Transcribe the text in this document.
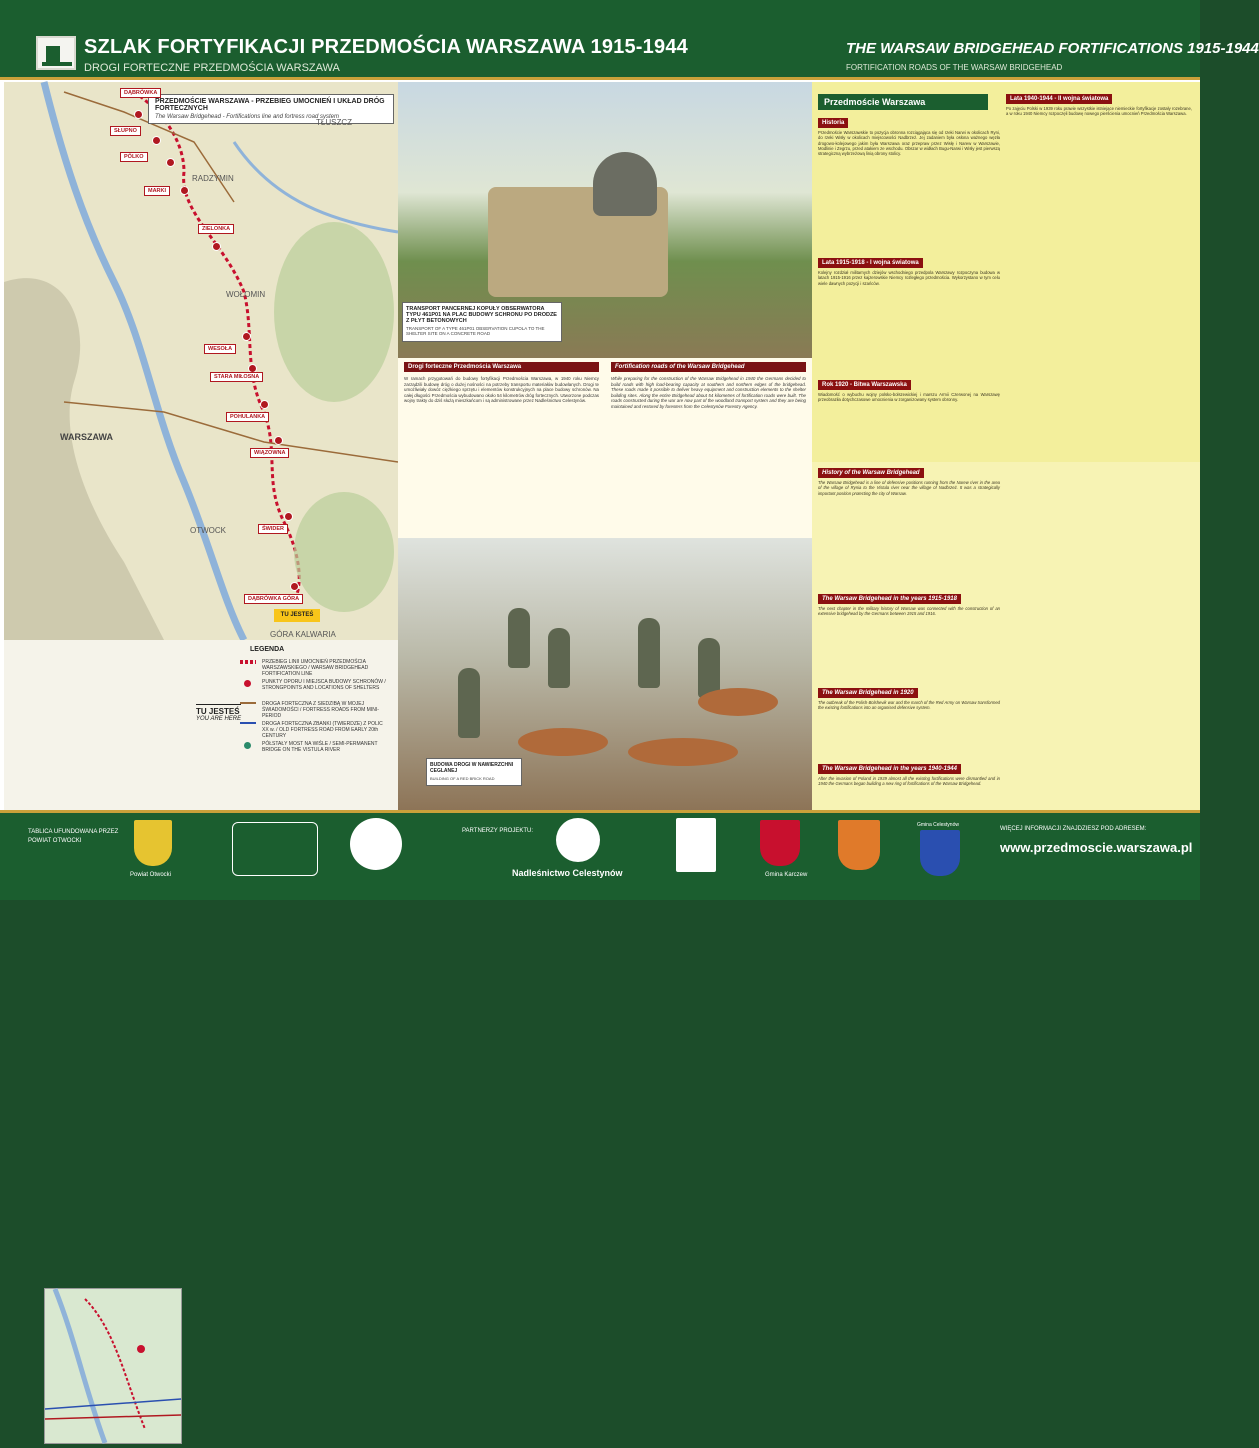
SZLAK FORTYFIKACJI PRZEDMOŚCIA WARSZAWA 1915-1944
DROGI FORTECZNE PRZEDMOŚCIA WARSZAWA
THE WARSAW BRIDGEHEAD FORTIFICATIONS 1915-1944
FORTIFICATION ROADS OF THE WARSAW BRIDGEHEAD
PRZEDMOŚCIE WARSZAWA - PRZEBIEG UMOCNIEŃ I UKŁAD DRÓG FORTECZNYCH
The Warsaw Bridgehead - Fortifications line and fortress road system
TŁUSZCZ
RADZYMIN
WOŁOMIN
WARSZAWA
OTWOCK
GÓRA KALWARIA
DĄBRÓWKA
SŁUPNO
PÓLKO
MARKI
ZIELONKA
WESOŁA
STARA MIŁOSNA
POHULANKA
WIĄZOWNA
ŚWIDER
DĄBRÓWKA GÓRA
TU JESTEŚ
TU JESTEŚ
YOU ARE HERE
LEGENDA
PRZEBIEG LINII UMOCNIEŃ PRZEDMOŚCIA WARSZAWSKIEGO / WARSAW BRIDGEHEAD FORTIFICATION LINE
PUNKTY OPORU I MIEJSCA BUDOWY SCHRONÓW / STRONGPOINTS AND LOCATIONS OF SHELTERS
DROGA FORTECZNA Z SIEDZIBĄ W MOJEJ ŚWIADOMOŚCI / FORTRESS ROADS FROM MINI-PERIOD
DROGA FORTECZNA ZBANKI (TWIERDZE) Z POLIC XX w. / OLD FORTRESS ROAD FROM EARLY 20th CENTURY
PÓŁSTAŁY MOST NA WIŚLE / SEMI-PERMANENT BRIDGE ON THE VISTULA RIVER
TRANSPORT PANCERNEJ KOPUŁY OBSERWATORA TYPU 461P01 NA PLAC BUDOWY SCHRONU PO DRODZE Z PŁYT BETONOWYCH
TRANSPORT OF A TYPE 461P01 OBSERVATION CUPOLA TO THE SHELTER SITE ON A CONCRETE ROAD
Drogi forteczne Przedmościa Warszawa
W ramach przygotowań do budowy fortyfikacji Przedmościa Warszawa, w 1940 roku Niemcy zarządzili budowę dróg o dużej nośności na potrzeby transportu materiałów budowlanych. Drogi te umożliwiały dowóz ciężkiego sprzętu i elementów konstrukcyjnych na place budowy schronów. Na całej długości Przedmościa wybudowano około 54 kilometrów dróg fortecznych. Utworzone podczas wojny trakty do dziś służą mieszkańcom i są administrowane przez Nadleśnictwo Celestynów.
Fortification roads of the Warsaw Bridgehead
While preparing for the construction of the Warsaw Bridgehead in 1940 the Germans decided to build roads with high load-bearing capacity at southern and northern edges of the bridgehead. These roads made it possible to deliver heavy equipment and construction elements to the shelter building sites. Along the entire Bridgehead about 54 kilometres of fortification roads were built. The roads constructed during the war are now part of the woodland transport system and they are being maintained and restored by foresters from the Celestynów Forestry Agency.
BUDOWA DROGI W NAWIERZCHNI CEGLANEJ
BUILDING OF A RED BRICK ROAD
Przedmoście Warszawa
Historia
Przedmoście Warszawskie to pozycja obronna rozciągająca się od rzeki Narwi w okolicach Ryni, do rzeki Wisły w okolicach miejscowości Nadbrzeż. Jej zadaniem była osłona ważnego węzła drogowo-kolejowego jakim była Warszawa oraz przepraw przez Wisłę i Narew w Warszawie, Modlinie i Zegrzu, przed atakiem ze wschodu. Obszar w widłach Bugu-Narwi i Wisły jest pierwszą strategiczną wybrzeżową linią obrony stolicy.
Lata 1915-1918 - I wojna światowa
Kolejny rozdział militarnych dziejów wschodniego przedpola Warszawy rozpoczyna budowa w latach 1915-1916 przez kajzerowskie Niemcy rozległego przedmościa. Wykorzystano w tym celu wiele dawnych pozycji i szańców.
Rok 1920 - Bitwa Warszawska
Wiadomość o wybuchu wojny polsko-bolszewickiej i marszu Armii Czerwonej na Warszawę przeobraziła dotychczasowe umocnienia w zorganizowany system obronny.
Lata 1940-1944 - II wojna światowa
Po zajęciu Polski w 1939 roku prawie wszystkie istniejące niemieckie fortyfikacje zostały rozebrane, a w roku 1940 Niemcy rozpoczęli budowę nowego pierścienia umocnień Przedmościa Warszawa.
History of the Warsaw Bridgehead
The Warsaw Bridgehead is a line of defensive positions running from the Narew river in the area of the village of Rynia to the Vistula river near the village of Nadbrzeż. It was a strategically important position protecting the city of Warsaw.
The Warsaw Bridgehead in the years 1915-1918
The next chapter in the military history of Warsaw was connected with the construction of an extensive bridgehead by the Germans between 1915 and 1916.
The Warsaw Bridgehead in 1920
The outbreak of the Polish-Bolshevik war and the march of the Red Army on Warsaw transformed the existing fortifications into an organised defensive system.
The Warsaw Bridgehead in the years 1940-1944
After the invasion of Poland in 1939 almost all the existing fortifications were dismantled and in 1940 the Germans began building a new ring of fortifications of the Warsaw Bridgehead.
TABLICA UFUNDOWANA PRZEZ POWIAT OTWOCKI
Powiat Otwocki
PARTNERZY PROJEKTU:
Nadleśnictwo Celestynów	Gmina Karczew
Gmina Celestynów
WIĘCEJ INFORMACJI ZNAJDZIESZ POD ADRESEM:
www.przedmoscie.warszawa.pl
